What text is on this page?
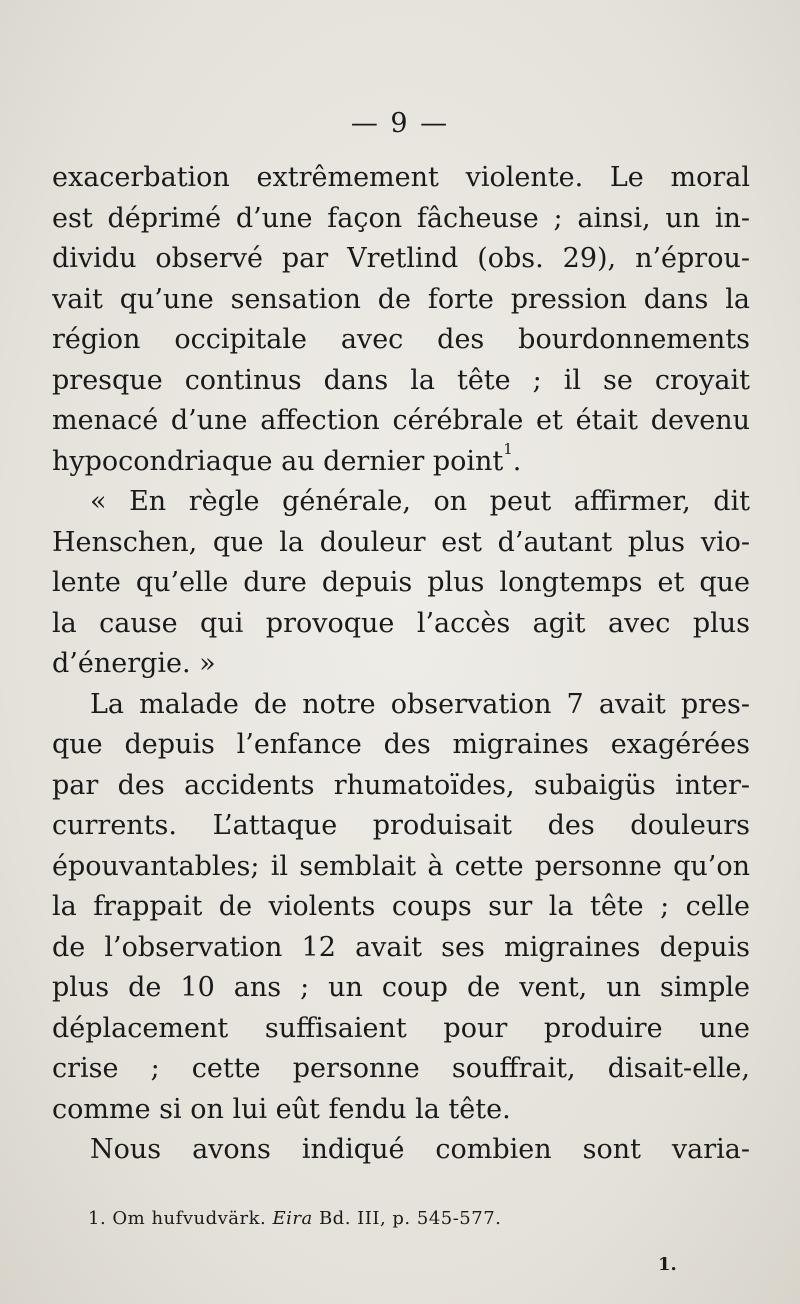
— 9 —
exacerbation extrêmement violente. Le moral
est déprimé d’une façon fâcheuse ; ainsi, un in-
dividu observé par Vretlind (obs. 29), n’éprou-
vait qu’une sensation de forte pression dans la
région occipitale avec des bourdonnements
presque continus dans la tête ; il se croyait
menacé d’une affection cérébrale et était devenu
hypocondriaque au dernier point$^1$.
« En règle générale, on peut affirmer, dit
Henschen, que la douleur est d’autant plus vio-
lente qu’elle dure depuis plus longtemps et que
la cause qui provoque l’accès agit avec plus
d’énergie. »
La malade de notre observation 7 avait pres-
que depuis l’enfance des migraines exagérées
par des accidents rhumatoïdes, subaigüs inter-
currents. L’attaque produisait des douleurs
épouvantables; il semblait à cette personne qu’on
la frappait de violents coups sur la tête ; celle
de l’observation 12 avait ses migraines depuis
plus de 10 ans ; un coup de vent, un simple
déplacement suffisaient pour produire une
crise ; cette personne souffrait, disait-elle,
comme si on lui eût fendu la tête.
Nous avons indiqué combien sont varia-
1. Om hufvudvärk. Eira Bd. III, p. 545-577.
1.
